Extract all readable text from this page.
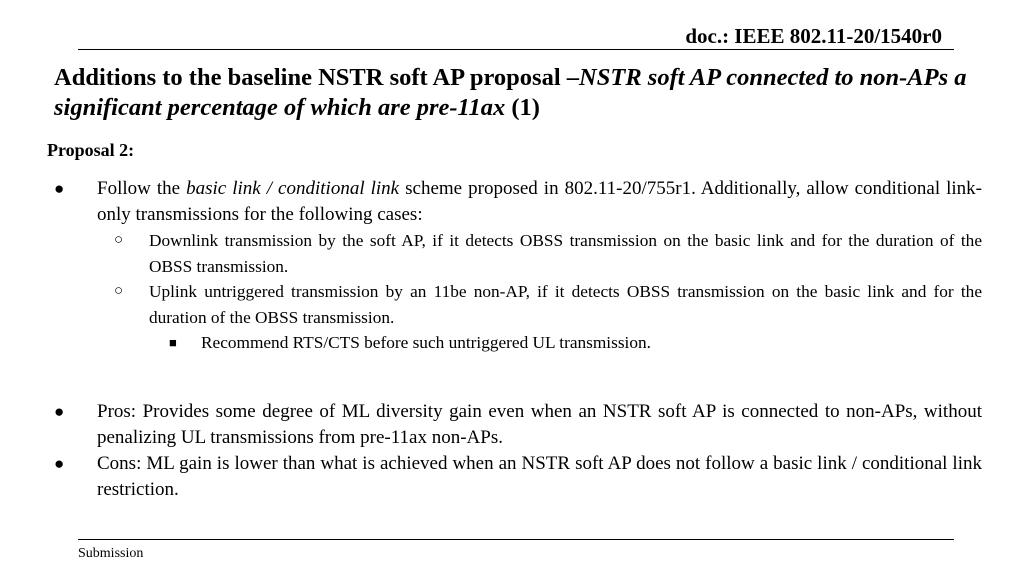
doc.: IEEE 802.11-20/1540r0
Additions to the baseline NSTR soft AP proposal –NSTR soft AP connected to non-APs a significant percentage of which are pre-11ax (1)
Proposal 2:
● Follow the basic link / conditional link scheme proposed in 802.11-20/755r1. Additionally, allow conditional link-only transmissions for the following cases:
○ Downlink transmission by the soft AP, if it detects OBSS transmission on the basic link and for the duration of the OBSS transmission.
○ Uplink untriggered transmission by an 11be non-AP, if it detects OBSS transmission on the basic link and for the duration of the OBSS transmission.
■ Recommend RTS/CTS before such untriggered UL transmission.
● Pros: Provides some degree of ML diversity gain even when an NSTR soft AP is connected to non-APs, without penalizing UL transmissions from pre-11ax non-APs.
● Cons: ML gain is lower than what is achieved when an NSTR soft AP does not follow a basic link / conditional link restriction.
Submission
